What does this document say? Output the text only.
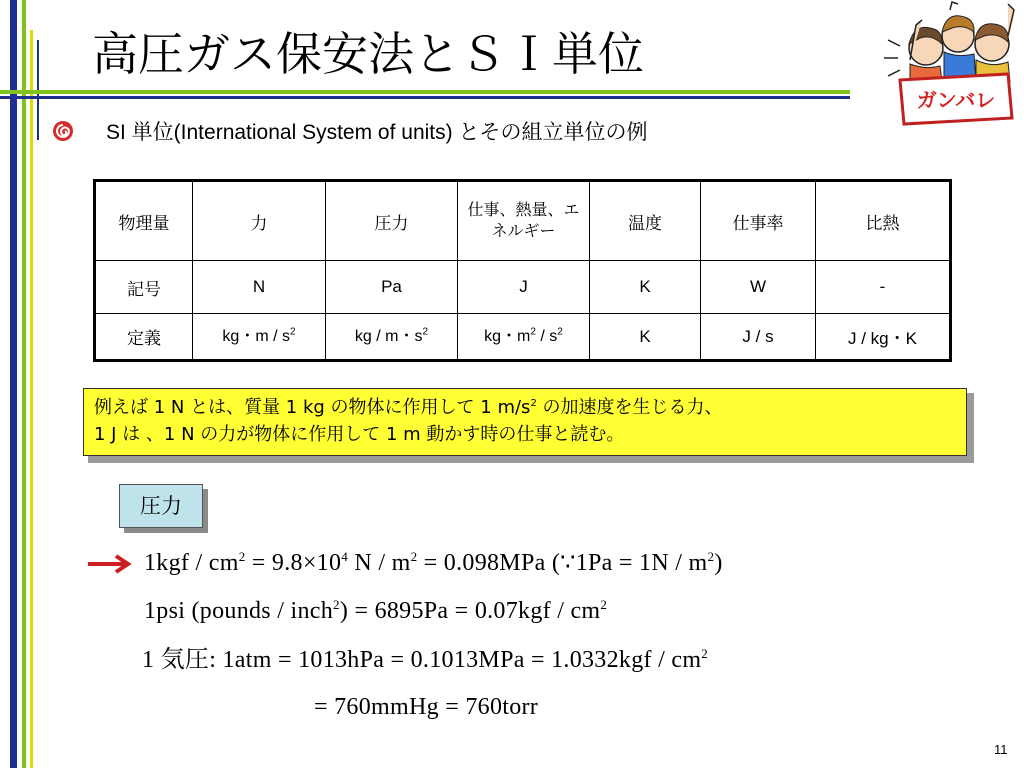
高圧ガス保安法とＳＩ単位
ガンバレ
SI 単位(International System of units) とその組立単位の例
物理量	力	圧力	仕事、熱量、エネルギー	温度	仕事率	比熱
記号	N	Pa	J	K	W	-
定義	kg・m / $s^2$	kg / m・$s^2$	kg・$m^2 / s^2$	K	J / s	J / kg・K
例えば 1 N とは、質量 1 kg の物体に作用して 1 $m/s^2$ の加速度を生じる力、
1 J は 、1 N の力が物体に作用して 1 m 動かす時の仕事と読む。
圧力
$1kgf / cm^2 = 9.8\times 10^4$ $N / m^2 = 0.098MPa$ (∵1Pa = $1N / m^2$)
1psi (pounds / inch$^2$) = $6895Pa = 0.07kgf / cm^2$
1 気圧: $1atm = 1013hPa = 0.1013MPa = 1.0332kgf / cm^2$
= 760mmHg = 760torr
11
